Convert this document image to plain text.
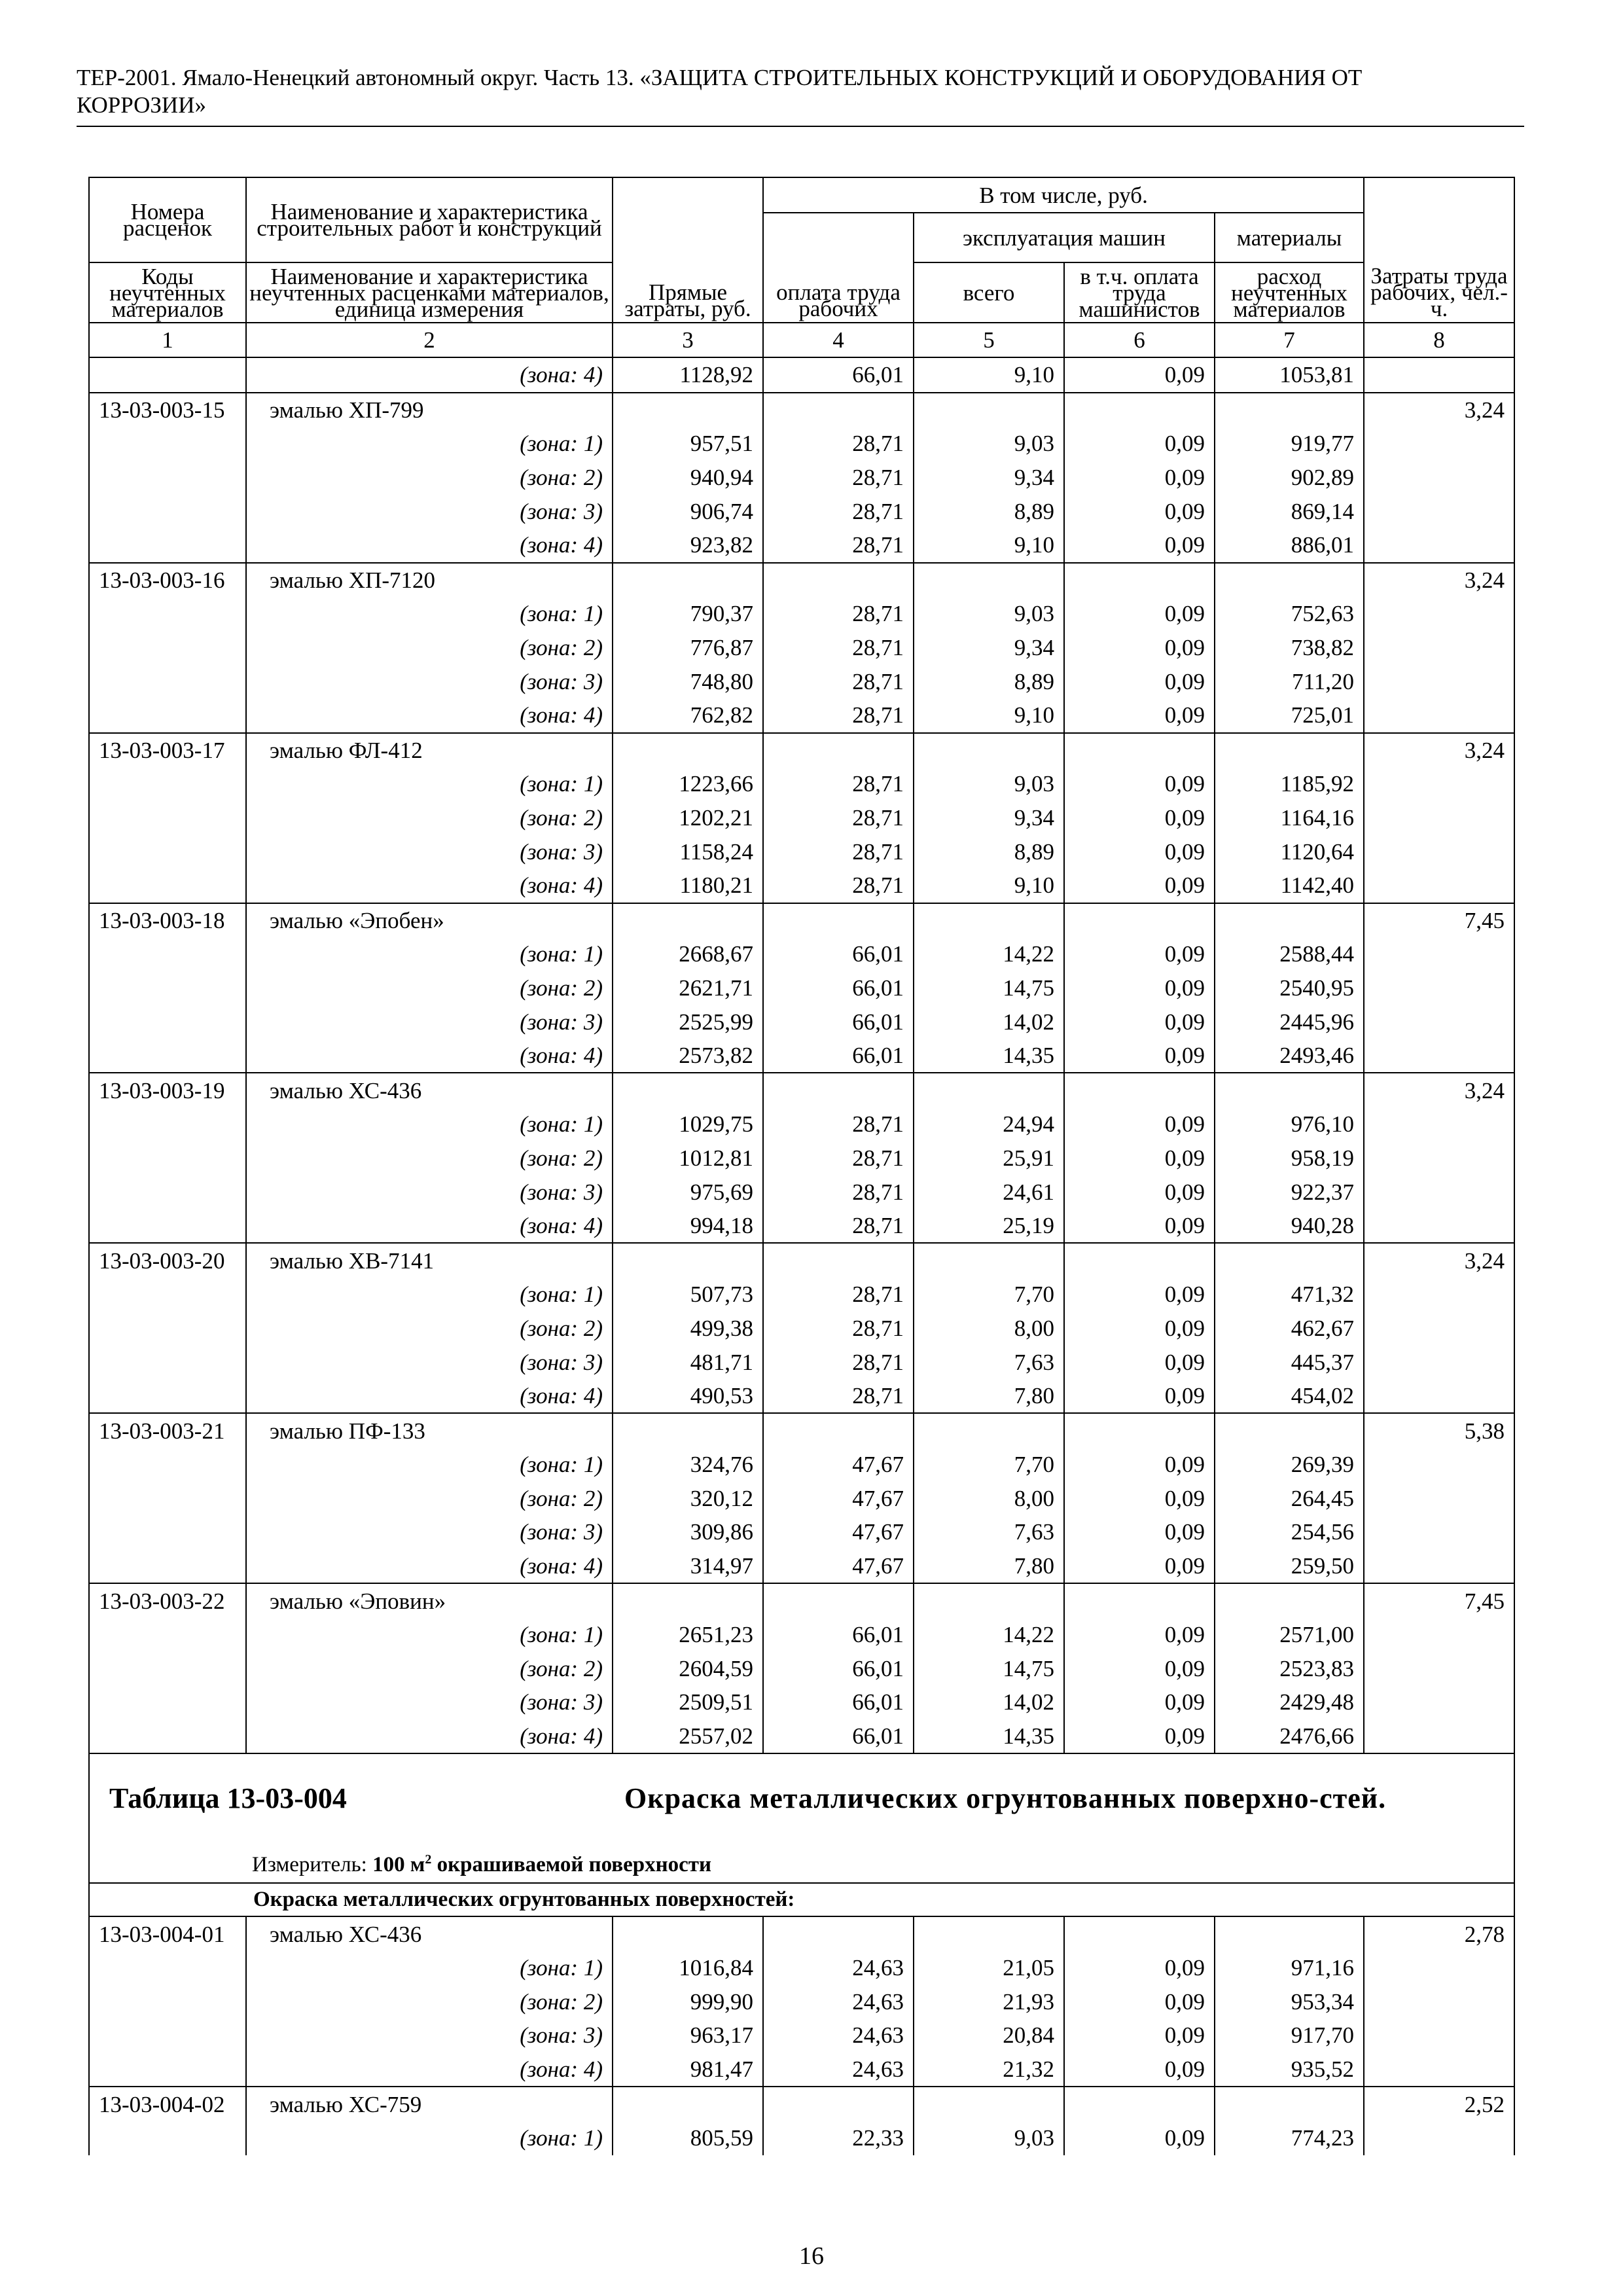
ТЕР-2001. Ямало-Ненецкий автономный округ. Часть 13. «ЗАЩИТА СТРОИТЕЛЬНЫХ КОНСТРУКЦИЙ И ОБОРУДОВАНИЯ ОТ
КОРРОЗИИ»
Номера расценок	Наименование и характеристика строительных работ и конструкций	Прямые затраты, руб.	В том числе, руб.				Затраты труда рабочих, чел.-ч.
			оплата труда рабочих	эксплуатация машин		материалы	
Коды неучтенных материалов	Наименование и характеристика неучтенных расценками материалов, единица измерения			всего	в т.ч. оплата труда машинистов	расход неучтенных материалов	
1	2	3	4	5	6	7	8
	(зона: 4)	1128,92	66,01	9,10	0,09	1053,81	
13-03-003-15	эмалью ХП-799						3,24
	(зона: 1)	957,51	28,71	9,03	0,09	919,77	
	(зона: 2)	940,94	28,71	9,34	0,09	902,89	
	(зона: 3)	906,74	28,71	8,89	0,09	869,14	
	(зона: 4)	923,82	28,71	9,10	0,09	886,01	
13-03-003-16	эмалью ХП-7120						3,24
	(зона: 1)	790,37	28,71	9,03	0,09	752,63	
	(зона: 2)	776,87	28,71	9,34	0,09	738,82	
	(зона: 3)	748,80	28,71	8,89	0,09	711,20	
	(зона: 4)	762,82	28,71	9,10	0,09	725,01	
13-03-003-17	эмалью ФЛ-412						3,24
	(зона: 1)	1223,66	28,71	9,03	0,09	1185,92	
	(зона: 2)	1202,21	28,71	9,34	0,09	1164,16	
	(зона: 3)	1158,24	28,71	8,89	0,09	1120,64	
	(зона: 4)	1180,21	28,71	9,10	0,09	1142,40	
13-03-003-18	эмалью «Эпобен»						7,45
	(зона: 1)	2668,67	66,01	14,22	0,09	2588,44	
	(зона: 2)	2621,71	66,01	14,75	0,09	2540,95	
	(зона: 3)	2525,99	66,01	14,02	0,09	2445,96	
	(зона: 4)	2573,82	66,01	14,35	0,09	2493,46	
13-03-003-19	эмалью ХС-436						3,24
	(зона: 1)	1029,75	28,71	24,94	0,09	976,10	
	(зона: 2)	1012,81	28,71	25,91	0,09	958,19	
	(зона: 3)	975,69	28,71	24,61	0,09	922,37	
	(зона: 4)	994,18	28,71	25,19	0,09	940,28	
13-03-003-20	эмалью ХВ-7141						3,24
	(зона: 1)	507,73	28,71	7,70	0,09	471,32	
	(зона: 2)	499,38	28,71	8,00	0,09	462,67	
	(зона: 3)	481,71	28,71	7,63	0,09	445,37	
	(зона: 4)	490,53	28,71	7,80	0,09	454,02	
13-03-003-21	эмалью ПФ-133						5,38
	(зона: 1)	324,76	47,67	7,70	0,09	269,39	
	(зона: 2)	320,12	47,67	8,00	0,09	264,45	
	(зона: 3)	309,86	47,67	7,63	0,09	254,56	
	(зона: 4)	314,97	47,67	7,80	0,09	259,50	
13-03-003-22	эмалью «Эповин»						7,45
	(зона: 1)	2651,23	66,01	14,22	0,09	2571,00	
	(зона: 2)	2604,59	66,01	14,75	0,09	2523,83	
	(зона: 3)	2509,51	66,01	14,02	0,09	2429,48	
	(зона: 4)	2557,02	66,01	14,35	0,09	2476,66	

Таблица 13-03-004 Окраска металлических огрунтованных поверхно-стей.
Измеритель: 100 $м^2$ окрашиваемой поверхности							

Окраска металлических огрунтованных поверхностей:							
13-03-004-01	эмалью ХС-436						2,78
	(зона: 1)	1016,84	24,63	21,05	0,09	971,16	
	(зона: 2)	999,90	24,63	21,93	0,09	953,34	
	(зона: 3)	963,17	24,63	20,84	0,09	917,70	
	(зона: 4)	981,47	24,63	21,32	0,09	935,52	
13-03-004-02	эмалью ХС-759						2,52
	(зона: 1)	805,59	22,33	9,03	0,09	774,23	
16
